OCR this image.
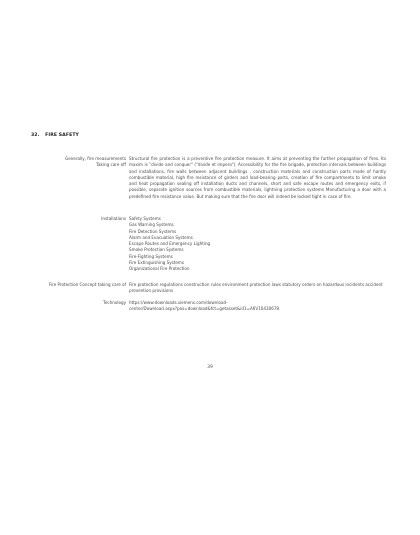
32. FIRE SAFETY
Generally, fire measurements
Taking care off

Structural fire protection is a preventive fire protection measure. It aims at preventing the further propagation of fires. Its maxim is "divide and conquer" ("divide et impera"). Accessibility for the fire brigade, protection intervals between buildings and installations, fire walls between adjacent buildings , construction materials and construction parts made of hardly combustible material, high fire resistance of girders and load-bearing parts, creation of fire compartments to limit smoke and heat propagation sealing off installation ducts and channels, short and safe escape routes and emergency exits, if possible, separate ignition sources from combustible materials, lightning protection systems Manufacturing a door with a predefined fire resistance value. But making sure that the fire door will indeed be locked tight in case of fire.

Installations Safety Systems
Gas Warning Systems
Fire Detection Systems
Alarm and Evacuation Systems
Escape Routes and Emergency Lighting
Smoke Protection Systems
Fire-Fighting Systems
Fire Extinguishing Systems
Organizational Fire Protection
Fire Protection Concept taking care of Fire protection regulations construction rules environment protection laws statutory orders on hazardous incidents accident prevention provisions

Technology https://www.downloads.siemens.com/download-
center/Download.aspx?pos=download&fct=getasset&id1=A6V10430678
39
